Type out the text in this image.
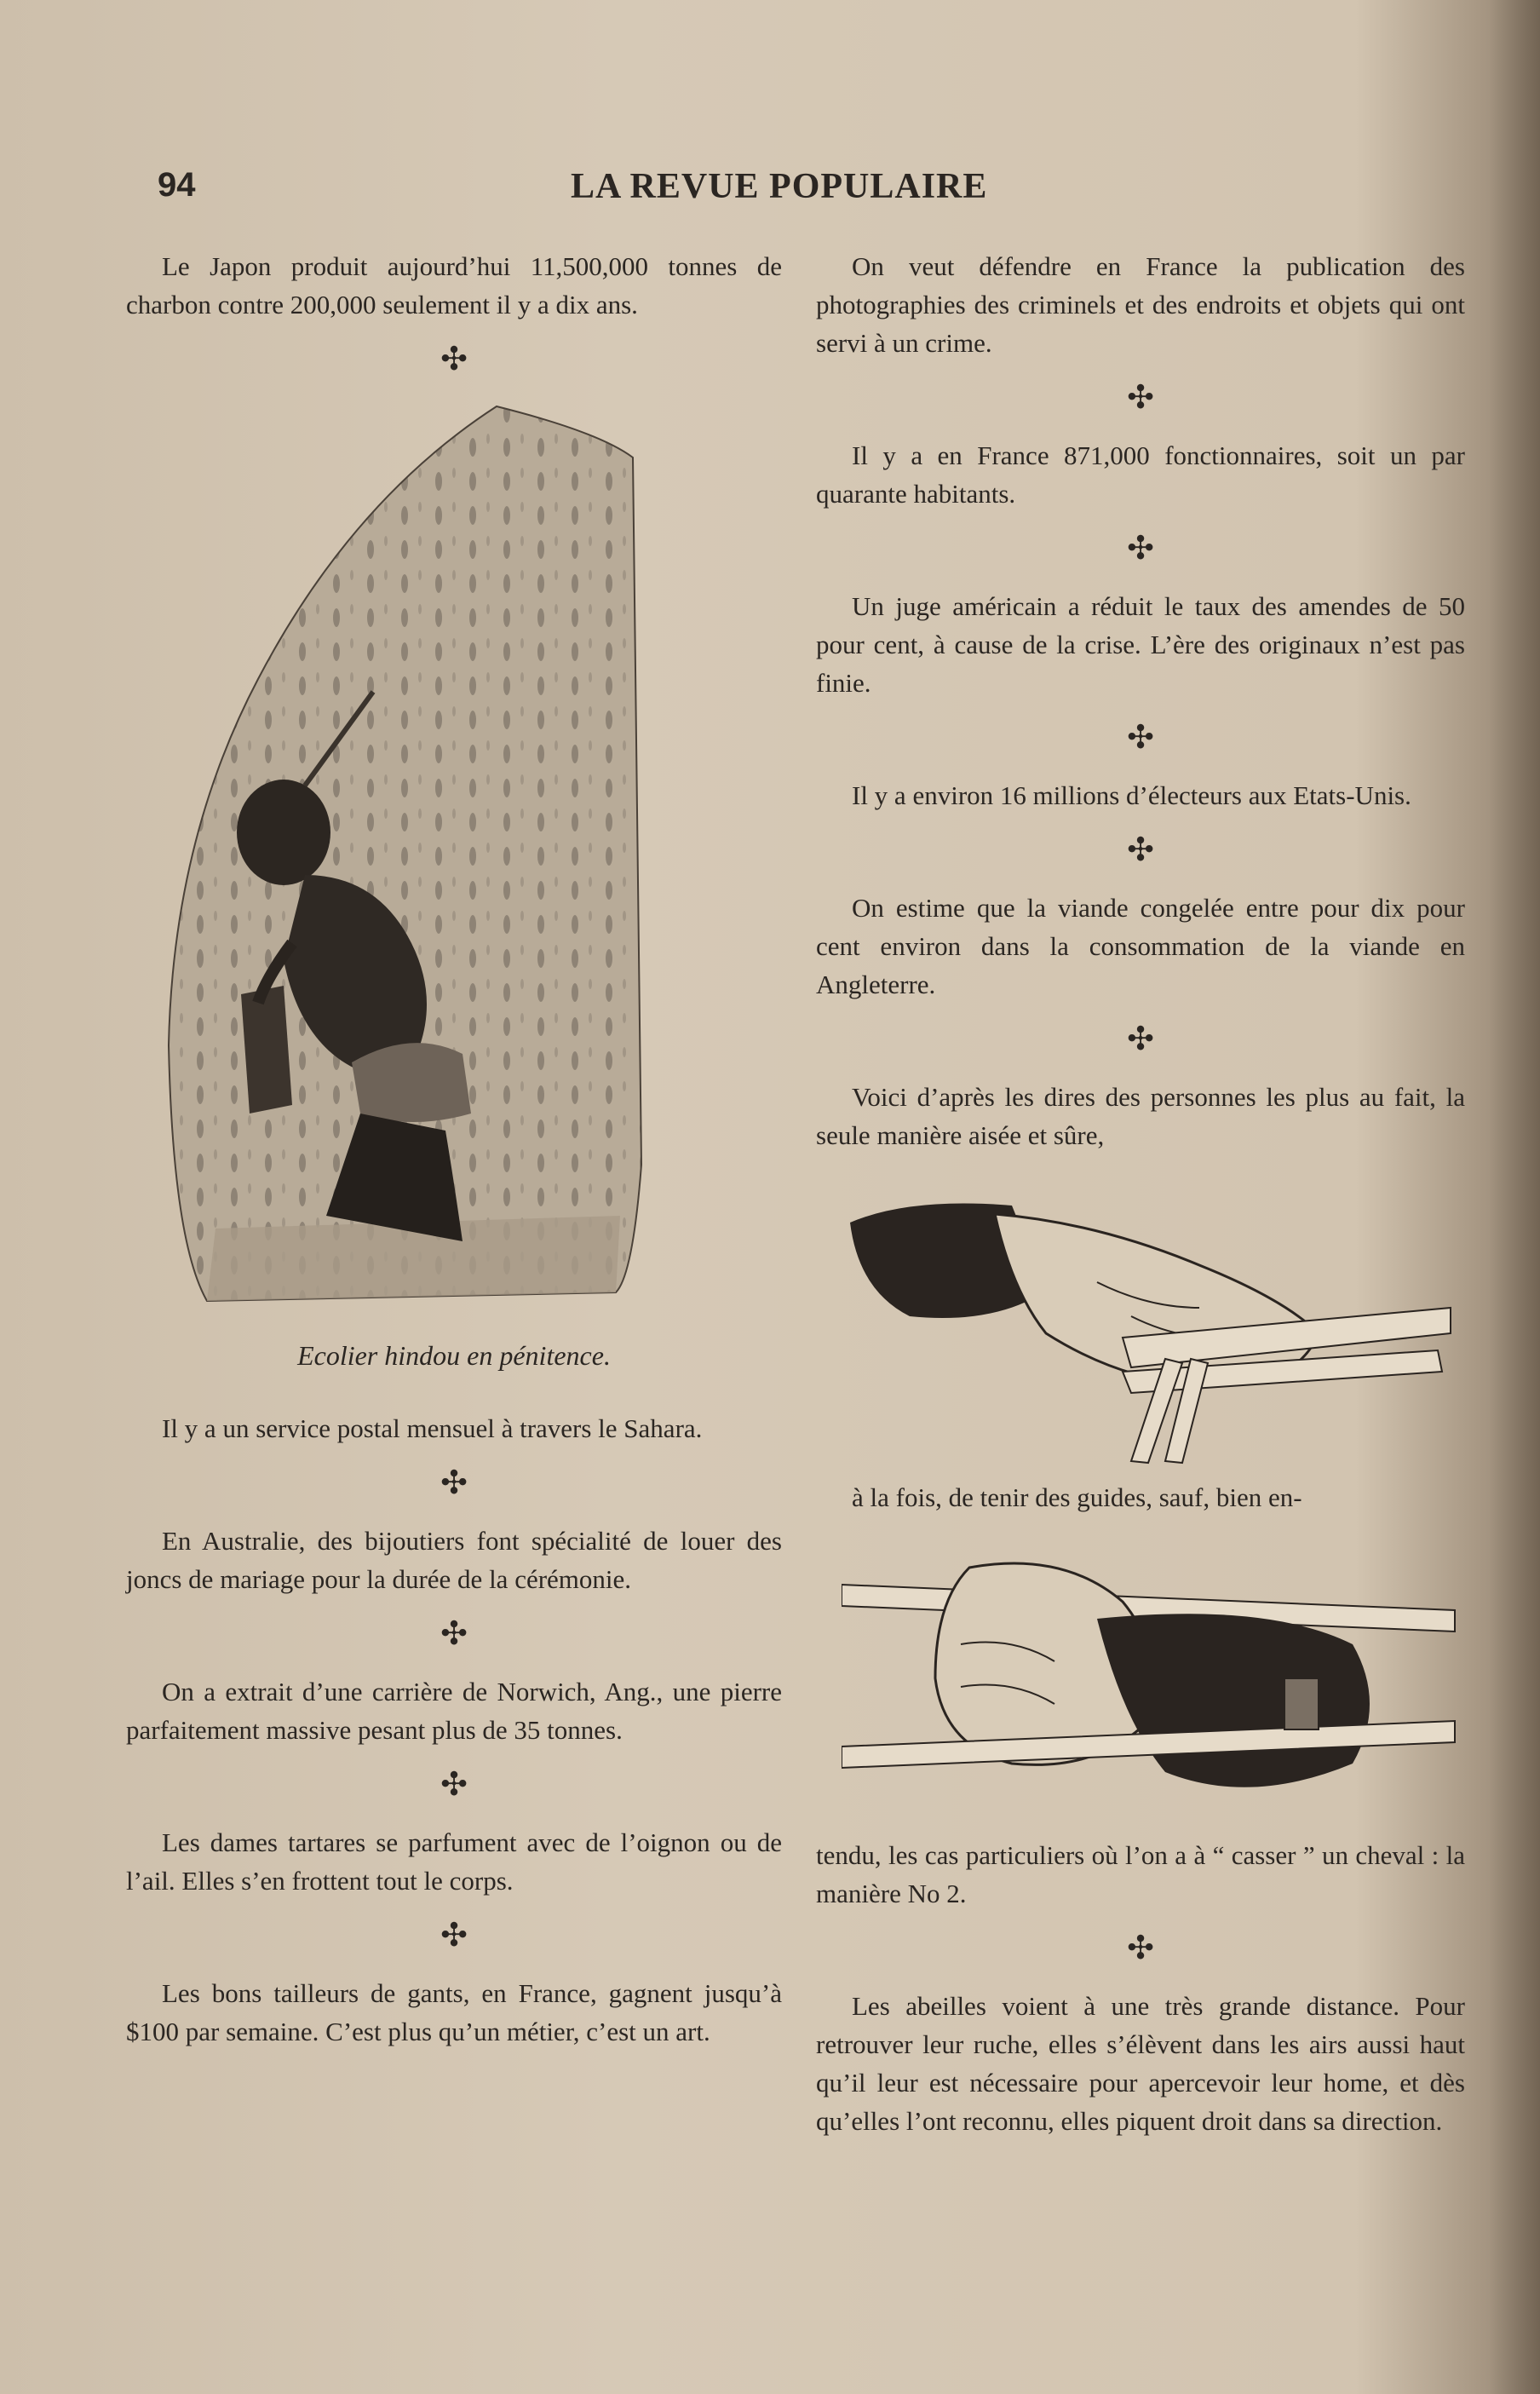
94	LA REVUE POPULAIRE

Le Japon produit aujourd’hui 11,500,000 tonnes de charbon contre 200,000 seulement il y a dix ans.

✣
Ecolier hindou en pénitence.

Il y a un service postal mensuel à travers le Sahara.

✣

En Australie, des bijoutiers font spécialité de louer des joncs de mariage pour la durée de la cérémonie.

✣

On a extrait d’une carrière de Norwich, Ang., une pierre parfaitement massive pesant plus de 35 tonnes.

✣

Les dames tartares se parfument avec de l’oignon ou de l’ail. Elles s’en frottent tout le corps.

✣

Les bons tailleurs de gants, en France, gagnent jusqu’à $100 par semaine. C’est plus qu’un métier, c’est un art.

On veut défendre en France la publication des photographies des criminels et des endroits et objets qui ont servi à un crime.

✣

Il y a en France 871,000 fonctionnaires, soit un par quarante habitants.

✣

Un juge américain a réduit le taux des amendes de 50 pour cent, à cause de la crise. L’ère des originaux n’est pas finie.

✣

Il y a environ 16 millions d’électeurs aux Etats-Unis.

✣

On estime que la viande congelée entre pour dix pour cent environ dans la consommation de la viande en Angleterre.

✣

Voici d’après les dires des personnes les plus au fait, la seule manière aisée et sûre,

à la fois, de tenir des guides, sauf, bien en-

tendu, les cas particuliers où l’on a à “ casser ” un cheval : la manière No 2.

✣

Les abeilles voient à une très grande distance. Pour retrouver leur ruche, elles s’élèvent dans les airs aussi haut qu’il leur est nécessaire pour apercevoir leur home, et dès qu’elles l’ont reconnu, elles piquent droit dans sa direction.
